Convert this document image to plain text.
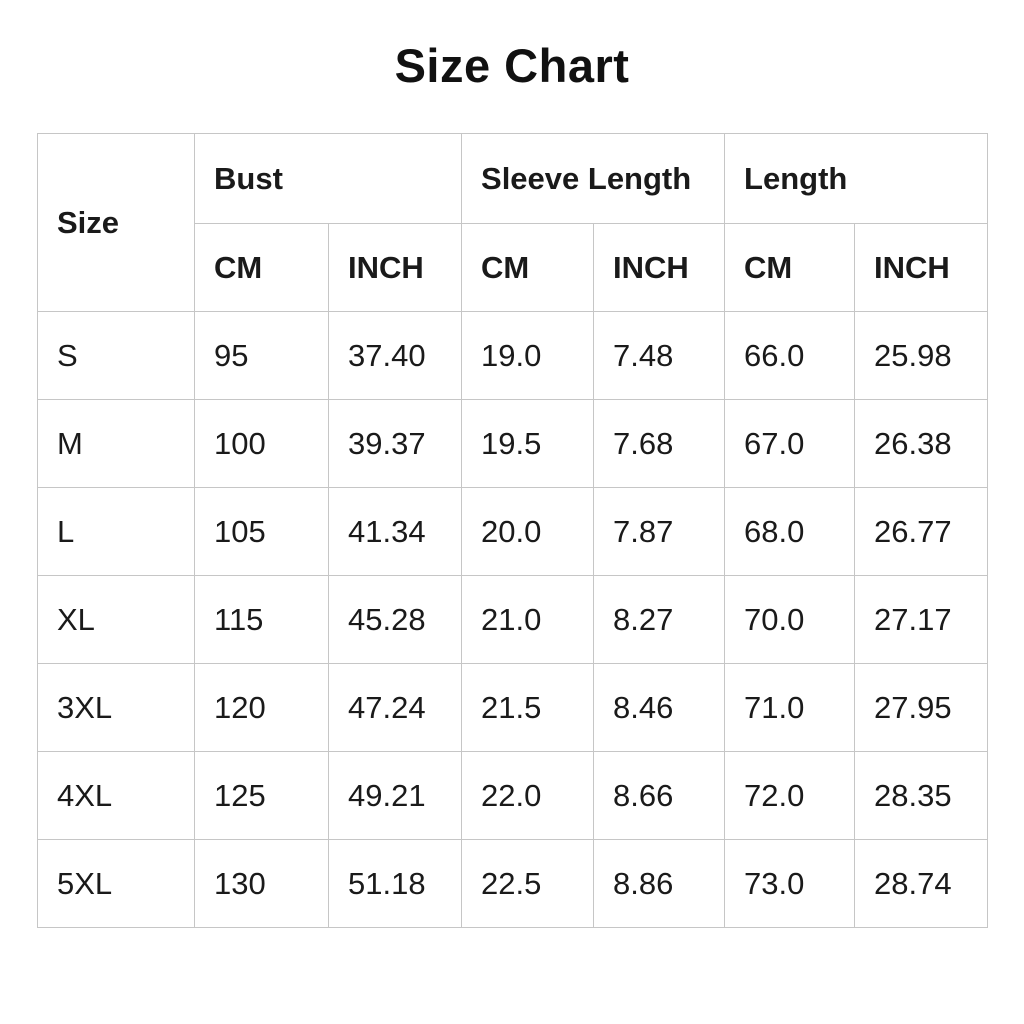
Size Chart
Size	Bust		Sleeve Length		Length	
	CM	INCH	CM	INCH	CM	INCH
S	95	37.40	19.0	7.48	66.0	25.98
M	100	39.37	19.5	7.68	67.0	26.38
L	105	41.34	20.0	7.87	68.0	26.77
XL	115	45.28	21.0	8.27	70.0	27.17
3XL	120	47.24	21.5	8.46	71.0	27.95
4XL	125	49.21	22.0	8.66	72.0	28.35
5XL	130	51.18	22.5	8.86	73.0	28.74
